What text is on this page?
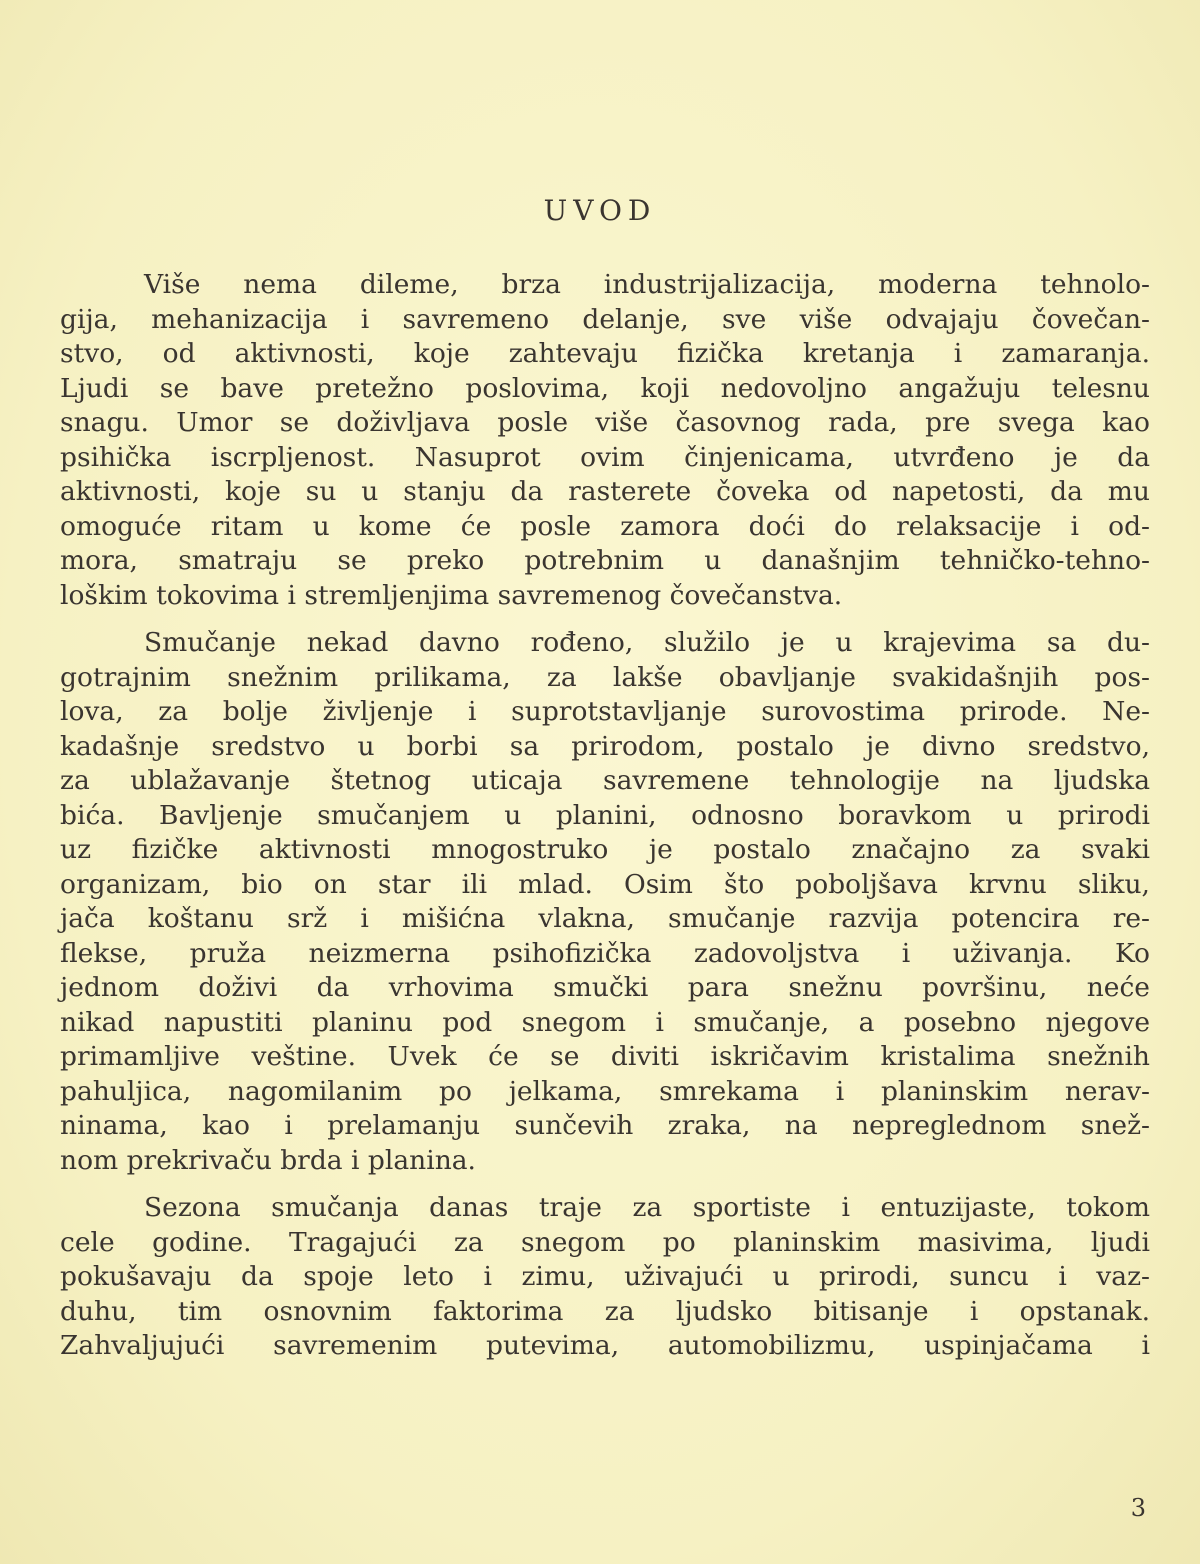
UVOD
Više nema dileme, brza industrijalizacija, moderna tehnolo-
gija, mehanizacija i savremeno delanje, sve više odvajaju čovečan-
stvo, od aktivnosti, koje zahtevaju fizička kretanja i zamaranja.
Ljudi se bave pretežno poslovima, koji nedovoljno angažuju telesnu
snagu. Umor se doživljava posle više časovnog rada, pre svega kao
psihička iscrpljenost. Nasuprot ovim činjenicama, utvrđeno je da
aktivnosti, koje su u stanju da rasterete čoveka od napetosti, da mu
omoguće ritam u kome će posle zamora doći do relaksacije i od-
mora, smatraju se preko potrebnim u današnjim tehničko-tehno-
loškim tokovima i stremljenjima savremenog čovečanstva.
Smučanje nekad davno rođeno, služilo je u krajevima sa du-
gotrajnim snežnim prilikama, za lakše obavljanje svakidašnjih pos-
lova, za bolje življenje i suprotstavljanje surovostima prirode. Ne-
kadašnje sredstvo u borbi sa prirodom, postalo je divno sredstvo,
za ublažavanje štetnog uticaja savremene tehnologije na ljudska
bića. Bavljenje smučanjem u planini, odnosno boravkom u prirodi
uz fizičke aktivnosti mnogostruko je postalo značajno za svaki
organizam, bio on star ili mlad. Osim što poboljšava krvnu sliku,
jača koštanu srž i mišićna vlakna, smučanje razvija potencira re-
flekse, pruža neizmerna psihofizička zadovoljstva i uživanja. Ko
jednom doživi da vrhovima smučki para snežnu površinu, neće
nikad napustiti planinu pod snegom i smučanje, a posebno njegove
primamljive veštine. Uvek će se diviti iskričavim kristalima snežnih
pahuljica, nagomilanim po jelkama, smrekama i planinskim nerav-
ninama, kao i prelamanju sunčevih zraka, na nepreglednom snež-
nom prekrivaču brda i planina.
Sezona smučanja danas traje za sportiste i entuzijaste, tokom
cele godine. Tragajući za snegom po planinskim masivima, ljudi
pokušavaju da spoje leto i zimu, uživajući u prirodi, suncu i vaz-
duhu, tim osnovnim faktorima za ljudsko bitisanje i opstanak.
Zahvaljujući savremenim putevima, automobilizmu, uspinjačama i
3
